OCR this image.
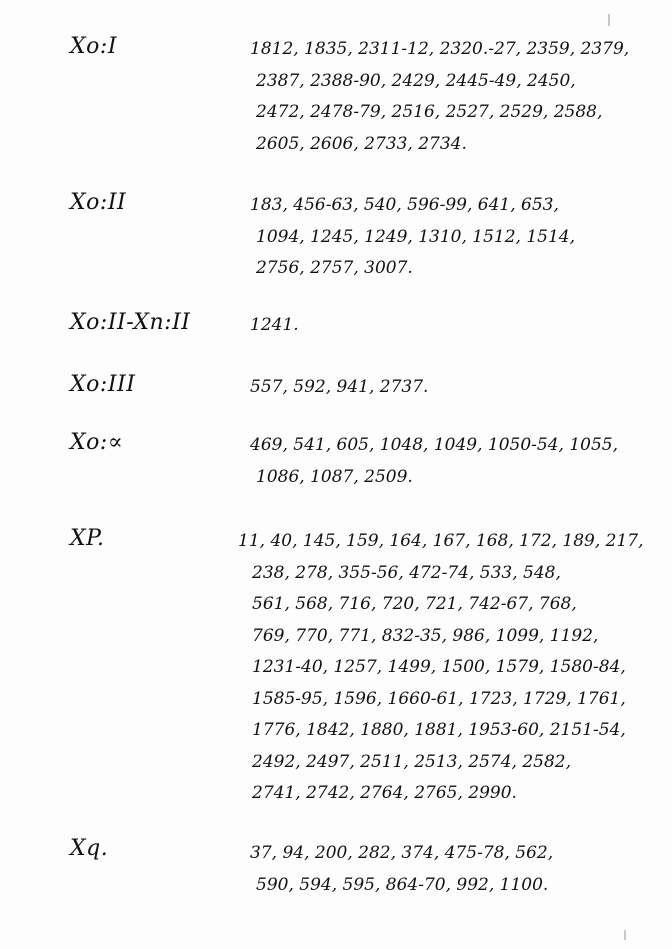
Xo:I	1812, 1835, 2311-12, 2320.-27, 2359, 2379,
2387, 2388-90, 2429, 2445-49, 2450,
2472, 2478-79, 2516, 2527, 2529, 2588,
2605, 2606, 2733, 2734.
Xo:II	183, 456-63, 540, 596-99, 641, 653,
1094, 1245, 1249, 1310, 1512, 1514,
2756, 2757, 3007.
Xo:II-Xn:II	1241.
Xo:III	557, 592, 941, 2737.
Xo:∝	469, 541, 605, 1048, 1049, 1050-54, 1055,
1086, 1087, 2509.
XP.	11, 40, 145, 159, 164, 167, 168, 172, 189, 217,
238, 278, 355-56, 472-74, 533, 548,
561, 568, 716, 720, 721, 742-67, 768,
769, 770, 771, 832-35, 986, 1099, 1192,
1231-40, 1257, 1499, 1500, 1579, 1580-84,
1585-95, 1596, 1660-61, 1723, 1729, 1761,
1776, 1842, 1880, 1881, 1953-60, 2151-54,
2492, 2497, 2511, 2513, 2574, 2582,
2741, 2742, 2764, 2765, 2990.
Xq.	37, 94, 200, 282, 374, 475-78, 562,
590, 594, 595, 864-70, 992, 1100.
